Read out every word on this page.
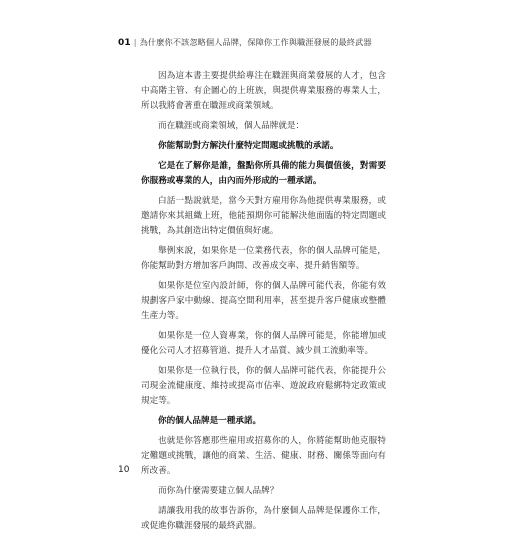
01 | 為什麼你不該忽略個人品牌，保障你工作與職涯發展的最終武器

因為這本書主要提供給專注在職涯與商業發展的人才，包含中高階主管、有企圖心的上班族，與提供專業服務的專業人士，所以我將會著重在職涯或商業領域。

而在職涯或商業領域，個人品牌就是：

你能幫助對方解決什麼特定問題或挑戰的承諾。

它是在了解你是誰，盤點你所具備的能力與價值後，對需要你服務或專業的人，由內而外形成的一種承諾。

白話一點說就是，當今天對方雇用你為他提供專業服務，或邀請你來其組織上班，他能預期你可能解決他面臨的特定問題或挑戰，為其創造出特定價值與好處。

舉例來說，如果你是一位業務代表，你的個人品牌可能是，你能幫助對方增加客戶詢問、改善成交率、提升銷售額等。

如果你是位室內設計師，你的個人品牌可能代表，你能有效規劃客戶家中動線、提高空間利用率，甚至提升客戶健康或整體生產力等。

如果你是一位人資專業，你的個人品牌可能是，你能增加或優化公司人才招募管道、提升人才品質、減少員工流動率等。

如果你是一位執行長，你的個人品牌可能代表，你能提升公司現金流健康度、維持或提高市佔率、遊說政府鬆綁特定政策或規定等。

你的個人品牌是一種承諾。

也就是你答應那些雇用或招募你的人，你將能幫助他克服特定難題或挑戰，讓他的商業、生活、健康、財務、關係等面向有所改善。

而你為什麼需要建立個人品牌？

請讓我用我的故事告訴你，為什麼個人品牌是保護你工作，或促進你職涯發展的最終武器。

10
